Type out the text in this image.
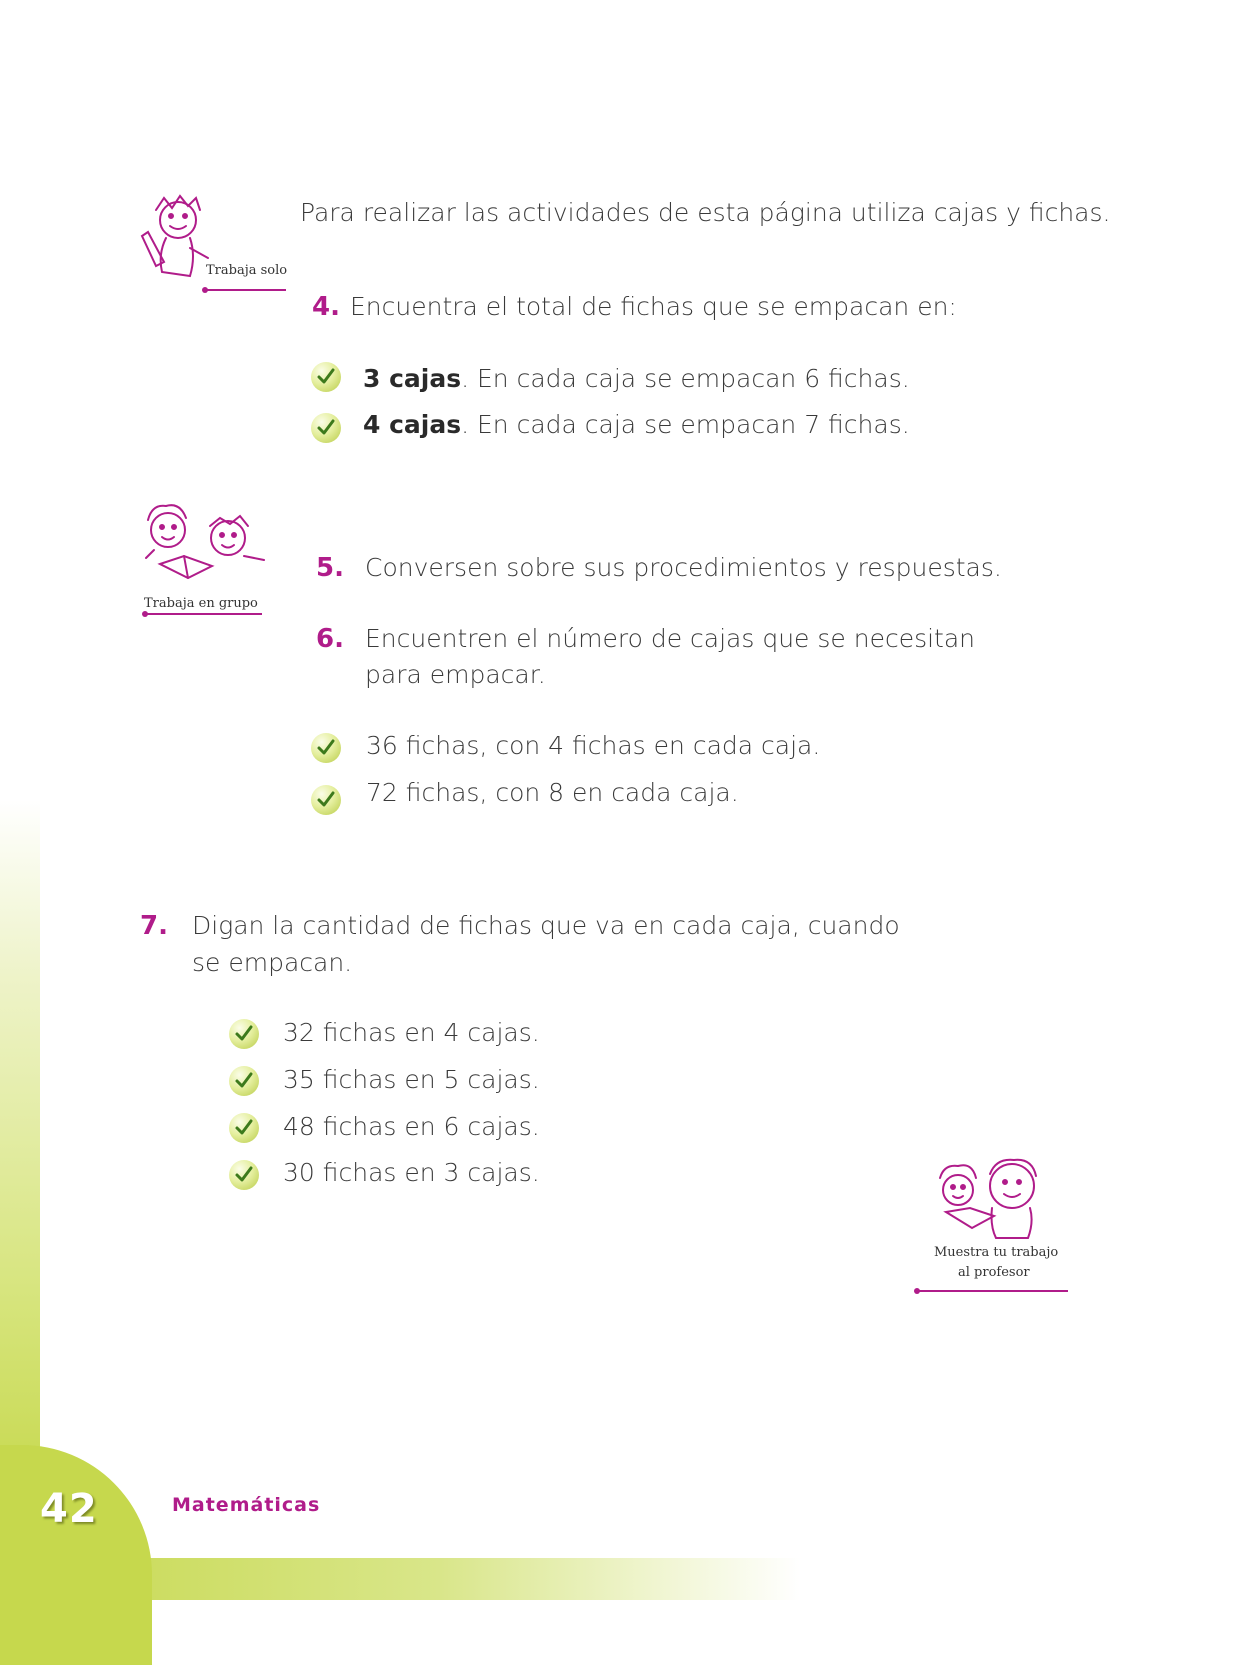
Trabaja solo
Para realizar las actividades de esta página utiliza cajas y fichas.
4. Encuentra el total de fichas que se empacan en:
3 cajas. En cada caja se empacan 6 fichas.
4 cajas. En cada caja se empacan 7 fichas.
Trabaja en grupo
5. Conversen sobre sus procedimientos y respuestas.
6. Encuentren el número de cajas que se necesitan
para empacar.
36 fichas, con 4 fichas en cada caja.
72 fichas, con 8 en cada caja.
7. Digan la cantidad de fichas que va en cada caja, cuando
se empacan.
32 fichas en 4 cajas.
35 fichas en 5 cajas.
48 fichas en 6 cajas.
30 fichas en 3 cajas.
Muestra tu trabajo
al profesor
42	Matemáticas
